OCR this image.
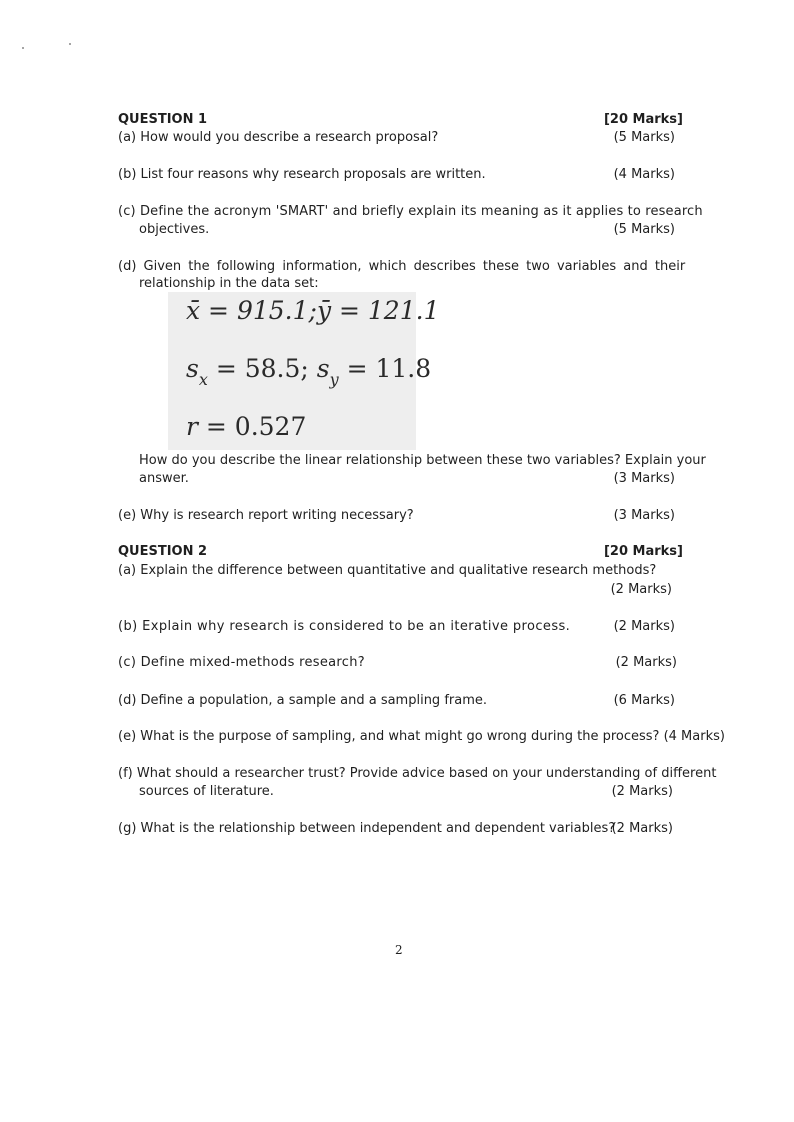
QUESTION 1	[20 Marks]
(a) How would you describe a research proposal?	(5 Marks)
(b) List four reasons why research proposals are written.	(4 Marks)
(c) Define the acronym 'SMART' and briefly explain its meaning as it applies to research
objectives.	(5 Marks)
(d) Given the following information, which describes these two variables and their
relationship in the data set:
x̄ = 915.1;ȳ = 121.1
$s_x = 58.5$; $s_y = 11.8$
r = 0.527
How do you describe the linear relationship between these two variables? Explain your
answer.	(3 Marks)
(e) Why is research report writing necessary?	(3 Marks)
QUESTION 2	[20 Marks]
(a) Explain the difference between quantitative and qualitative research methods?
(2 Marks)
(b) Explain why research is considered to be an iterative process.	(2 Marks)
(c) Define mixed-methods research?	(2 Marks)
(d) Define a population, a sample and a sampling frame.	(6 Marks)
(e) What is the purpose of sampling, and what might go wrong during the process? (4 Marks)
(f) What should a researcher trust? Provide advice based on your understanding of different
sources of literature.	(2 Marks)
(g) What is the relationship between independent and dependent variables?
(2 Marks)
2
